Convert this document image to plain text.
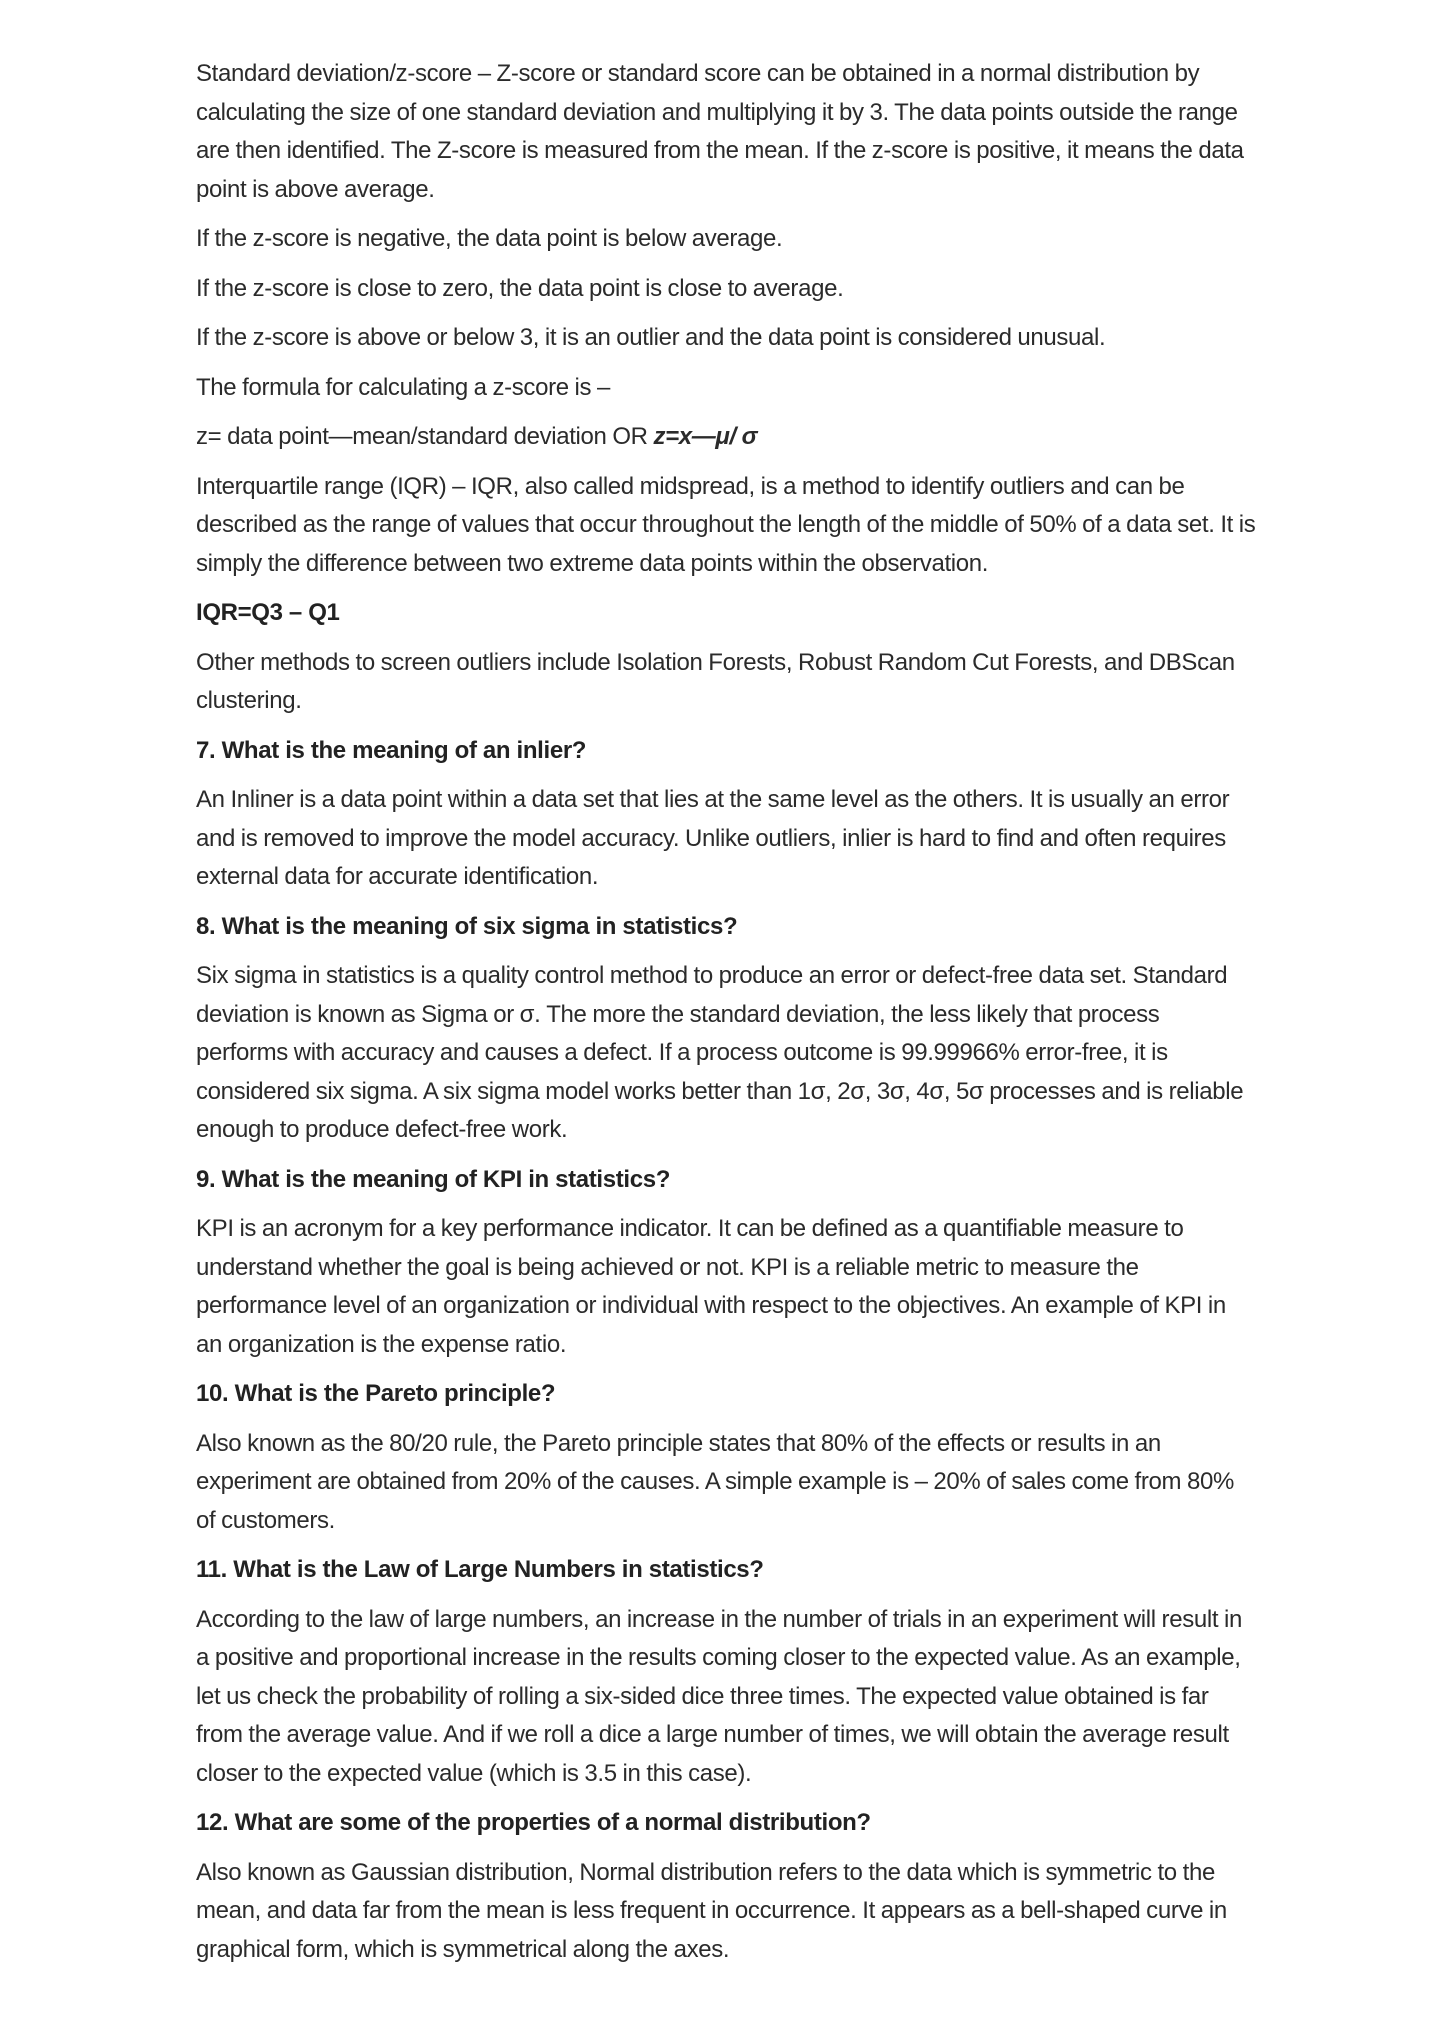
Standard deviation/z-score – Z-score or standard score can be obtained in a normal distribution by calculating the size of one standard deviation and multiplying it by 3. The data points outside the range are then identified. The Z-score is measured from the mean. If the z-score is positive, it means the data point is above average.

If the z-score is negative, the data point is below average.

If the z-score is close to zero, the data point is close to average.

If the z-score is above or below 3, it is an outlier and the data point is considered unusual.

The formula for calculating a z-score is –

z= data point—mean/standard deviation OR z=x—μ/ σ

Interquartile range (IQR) – IQR, also called midspread, is a method to identify outliers and can be described as the range of values that occur throughout the length of the middle of 50% of a data set. It is simply the difference between two extreme data points within the observation.

IQR=Q3 – Q1

Other methods to screen outliers include Isolation Forests, Robust Random Cut Forests, and DBScan clustering.

7. What is the meaning of an inlier?

An Inliner is a data point within a data set that lies at the same level as the others. It is usually an error and is removed to improve the model accuracy. Unlike outliers, inlier is hard to find and often requires external data for accurate identification.

8. What is the meaning of six sigma in statistics?

Six sigma in statistics is a quality control method to produce an error or defect-free data set. Standard deviation is known as Sigma or σ. The more the standard deviation, the less likely that process performs with accuracy and causes a defect. If a process outcome is 99.99966% error-free, it is considered six sigma. A six sigma model works better than 1σ, 2σ, 3σ, 4σ, 5σ processes and is reliable enough to produce defect-free work.

9. What is the meaning of KPI in statistics?

KPI is an acronym for a key performance indicator. It can be defined as a quantifiable measure to understand whether the goal is being achieved or not. KPI is a reliable metric to measure the performance level of an organization or individual with respect to the objectives. An example of KPI in an organization is the expense ratio.

10. What is the Pareto principle?

Also known as the 80/20 rule, the Pareto principle states that 80% of the effects or results in an experiment are obtained from 20% of the causes. A simple example is – 20% of sales come from 80% of customers.

11. What is the Law of Large Numbers in statistics?

According to the law of large numbers, an increase in the number of trials in an experiment will result in a positive and proportional increase in the results coming closer to the expected value. As an example, let us check the probability of rolling a six-sided dice three times. The expected value obtained is far from the average value. And if we roll a dice a large number of times, we will obtain the average result closer to the expected value (which is 3.5 in this case).

12. What are some of the properties of a normal distribution?

Also known as Gaussian distribution, Normal distribution refers to the data which is symmetric to the mean, and data far from the mean is less frequent in occurrence. It appears as a bell-shaped curve in graphical form, which is symmetrical along the axes.
